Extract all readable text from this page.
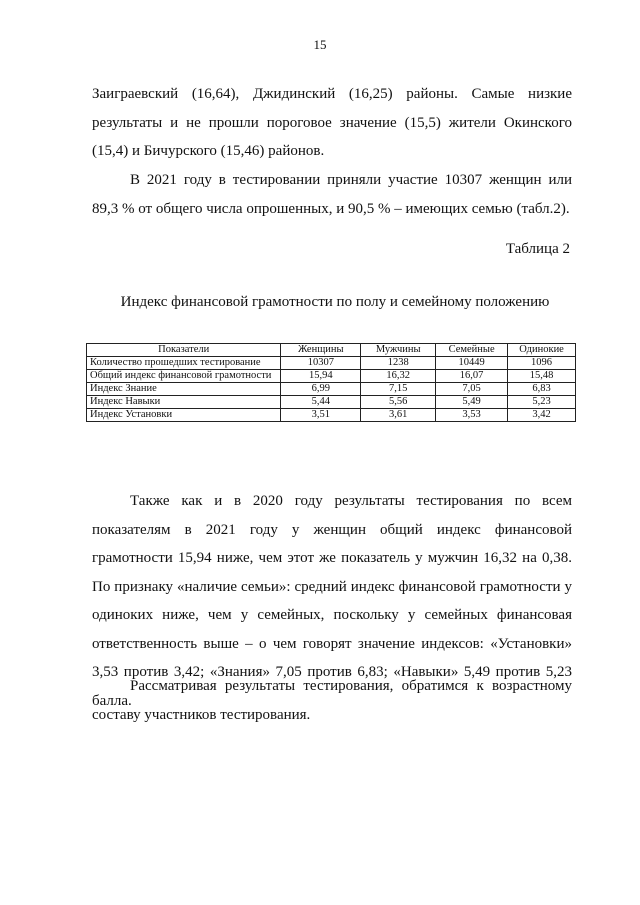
15

Заиграевский (16,64), Джидинский (16,25) районы. Самые низкие результаты и не прошли пороговое значение (15,5) жители Окинского (15,4) и Бичурского (15,46) районов.

В 2021 году в тестировании приняли участие 10307 женщин или 89,3 % от общего числа опрошенных, и 90,5 % – имеющих семью (табл.2).

Таблица 2
Индекс финансовой грамотности по полу и семейному положению
Показатели	Женщины	Мужчины	Семейные	Одинокие
Количество прошедших тестирование	10307	1238	10449	1096
Общий индекс финансовой грамотности	15,94	16,32	16,07	15,48
Индекс Знание	6,99	7,15	7,05	6,83
Индекс Навыки	5,44	5,56	5,49	5,23
Индекс Установки	3,51	3,61	3,53	3,42

Также как и в 2020 году результаты тестирования по всем показателям в 2021 году у женщин общий индекс финансовой грамотности 15,94 ниже, чем этот же показатель у мужчин 16,32 на 0,38. По признаку «наличие семьи»: средний индекс финансовой грамотности у одиноких ниже, чем у семейных, поскольку у семейных финансовая ответственность выше – о чем говорят значение индексов: «Установки» 3,53 против 3,42; «Знания» 7,05 против 6,83; «Навыки» 5,49 против 5,23 балла.

Рассматривая результаты тестирования, обратимся к возрастному составу участников тестирования.
